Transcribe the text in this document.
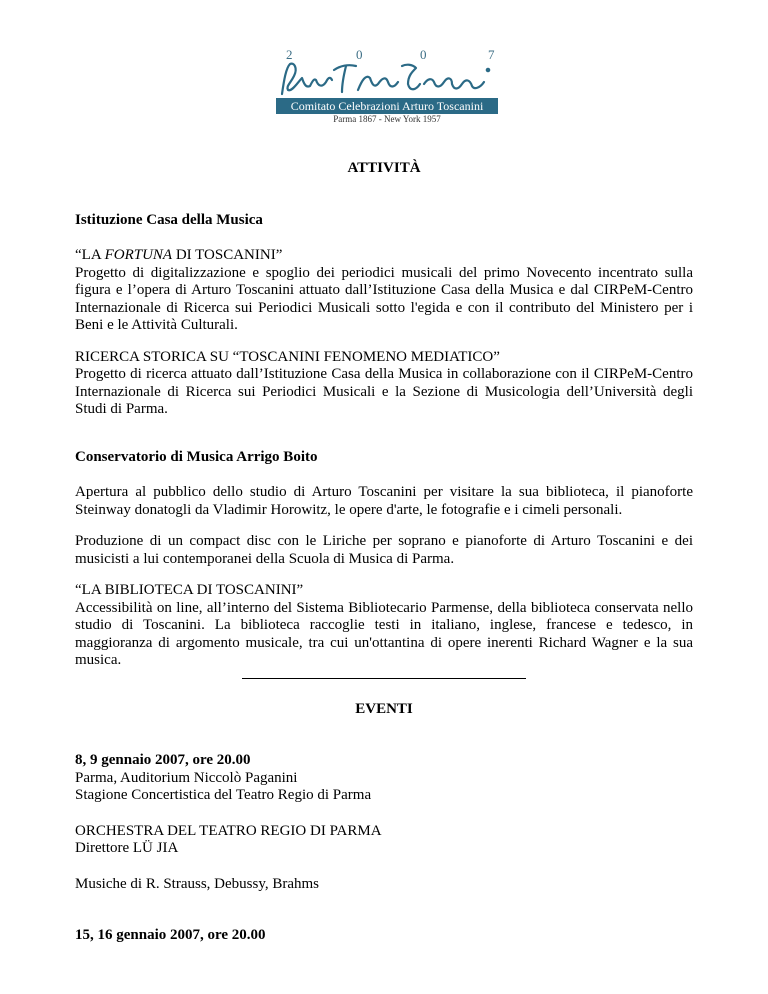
2	0	0	7
Comitato Celebrazioni Arturo Toscanini
Parma 1867 - New York 1957

ATTIVITÀ

Istituzione Casa della Musica

“LA FORTUNA DI TOSCANINI”

Progetto di digitalizzazione e spoglio dei periodici musicali del primo Novecento incentrato sulla figura e l’opera di Arturo Toscanini attuato dall’Istituzione Casa della Musica e dal CIRPeM-Centro Internazionale di Ricerca sui Periodici Musicali sotto l'egida e con il contributo del Ministero per i Beni e le Attività Culturali.

RICERCA STORICA SU “TOSCANINI FENOMENO MEDIATICO”

Progetto di ricerca attuato dall’Istituzione Casa della Musica in collaborazione con il CIRPeM-Centro Internazionale di Ricerca sui Periodici Musicali e la Sezione di Musicologia dell’Università degli Studi di Parma.

Conservatorio di Musica Arrigo Boito

Apertura al pubblico dello studio di Arturo Toscanini per visitare la sua biblioteca, il pianoforte Steinway donatogli da Vladimir Horowitz, le opere d'arte, le fotografie e i cimeli personali.

Produzione di un compact disc con le Liriche per soprano e pianoforte di Arturo Toscanini e dei musicisti a lui contemporanei della Scuola di Musica di Parma.

“LA BIBLIOTECA DI TOSCANINI”

Accessibilità on line, all’interno del Sistema Bibliotecario Parmense, della biblioteca conservata nello studio di Toscanini. La biblioteca raccoglie testi in italiano, inglese, francese e tedesco, in maggioranza di argomento musicale, tra cui un'ottantina di opere inerenti Richard Wagner e la sua musica.

EVENTI

8, 9 gennaio 2007, ore 20.00

Parma, Auditorium Niccolò Paganini

Stagione Concertistica del Teatro Regio di Parma

ORCHESTRA DEL TEATRO REGIO DI PARMA

Direttore LÜ JIA

Musiche di R. Strauss, Debussy, Brahms

15, 16 gennaio 2007, ore 20.00
